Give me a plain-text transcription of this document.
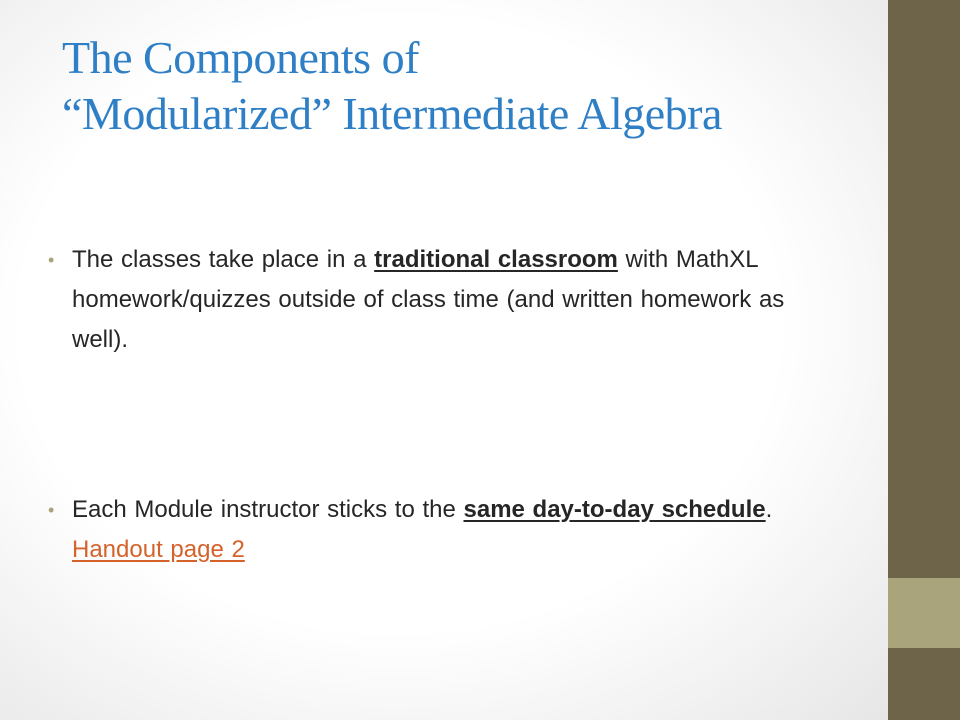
The Components of
“Modularized” Intermediate Algebra
• The classes take place in a traditional classroom with MathXL homework/quizzes outside of class time (and written homework as well).
• Each Module instructor sticks to the same day-to-day schedule. Handout page 2
